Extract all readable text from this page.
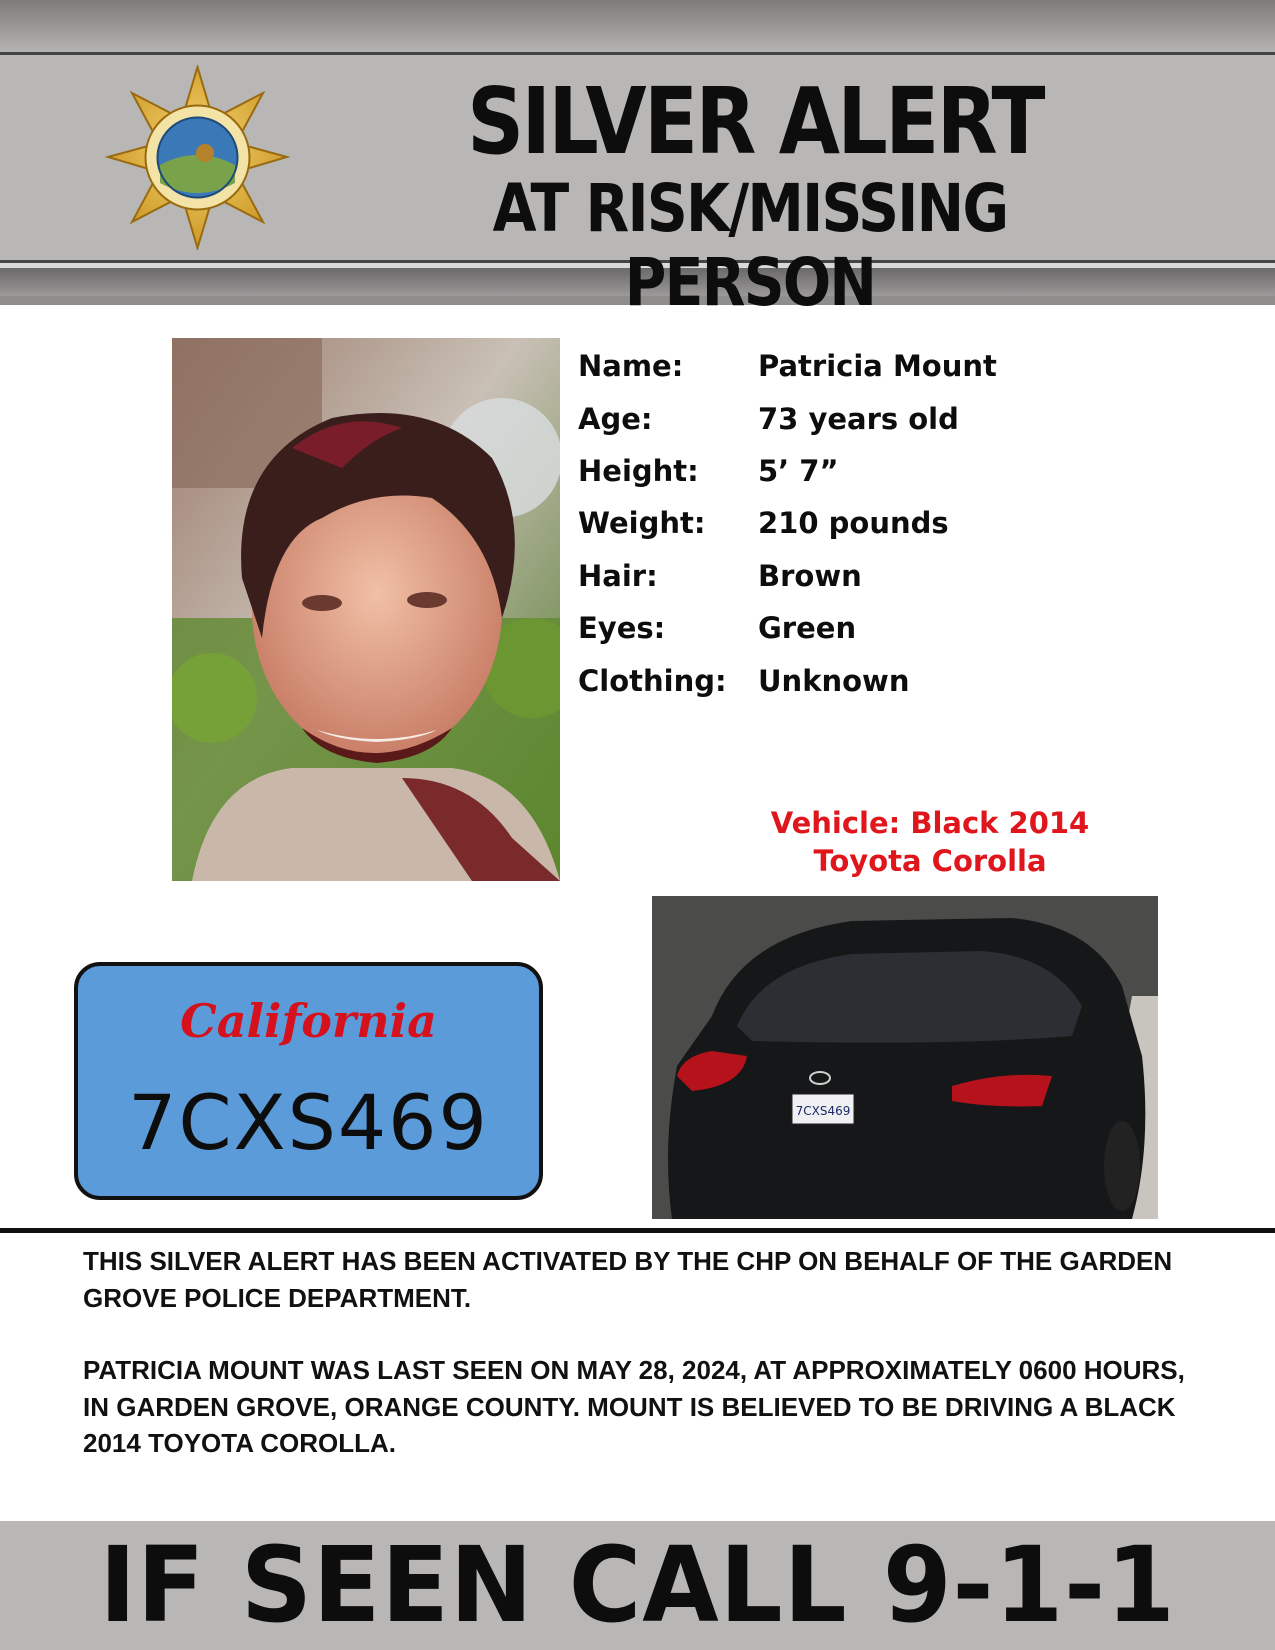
SILVER ALERT
AT RISK/MISSING PERSON
Name:	Patricia Mount
Age:	73 years old
Height:	5’ 7”
Weight:	210 pounds
Hair:	Brown
Eyes:	Green
Clothing:	Unknown
Vehicle: Black 2014
Toyota Corolla
7CXS469
California
7CXS469

THIS SILVER ALERT HAS BEEN ACTIVATED BY THE CHP ON BEHALF OF THE GARDEN GROVE POLICE DEPARTMENT.

PATRICIA MOUNT WAS LAST SEEN ON MAY 28, 2024, AT APPROXIMATELY 0600 HOURS, IN GARDEN GROVE, ORANGE COUNTY. MOUNT IS BELIEVED TO BE DRIVING A BLACK 2014 TOYOTA COROLLA.

IF SEEN CALL 9-1-1
